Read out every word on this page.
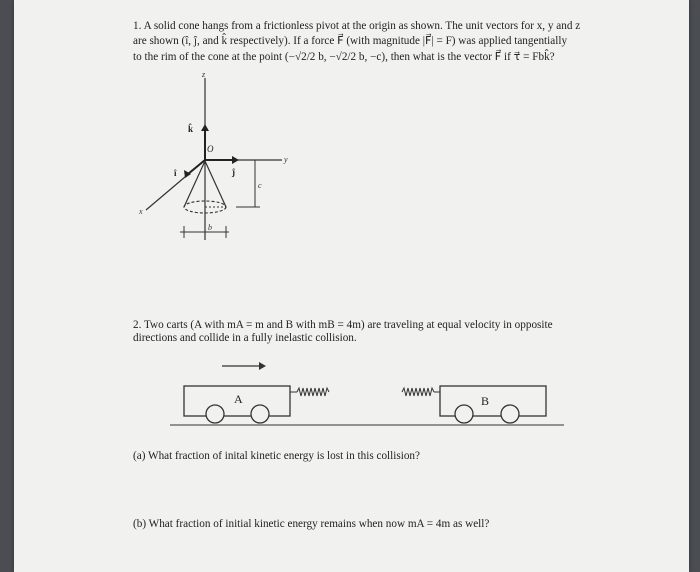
1. A solid cone hangs from a frictionless pivot at the origin as shown. The unit vectors for x, y and z
are shown (î, ĵ, and k̂ respectively). If a force F⃗ (with magnitude |F⃗| = F) was applied tangentially
to the rim of the cone at the point (−√2/2 b, −√2/2 b, −c), then what is the vector F⃗ if τ⃗ = Fbk̂?
z
k̂
y
ĵ
x
î
O
c
b
A	B
2. Two carts (A with mA = m and B with mB = 4m) are traveling at equal velocity in opposite
directions and collide in a fully inelastic collision.
(a) What fraction of inital kinetic energy is lost in this collision?
(b) What fraction of initial kinetic energy remains when now mA = 4m as well?
